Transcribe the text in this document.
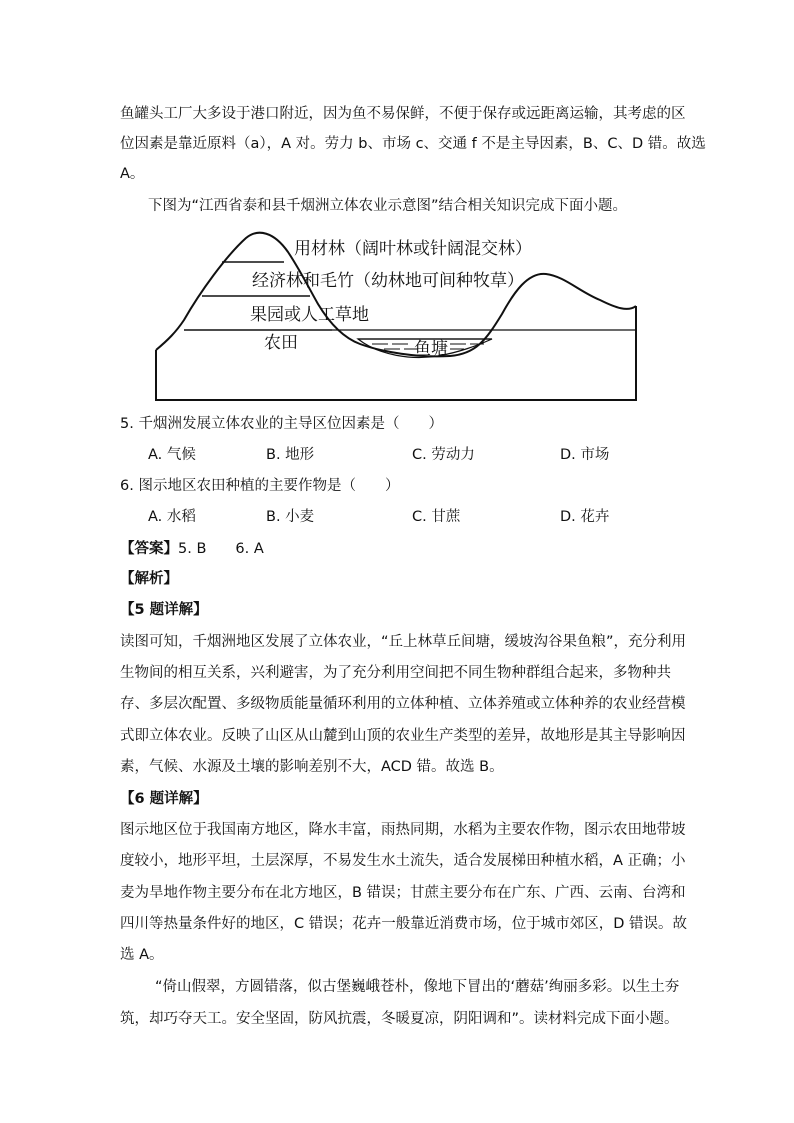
鱼罐头工厂大多设于港口附近，因为鱼不易保鲜，不便于保存或远距离运输，其考虑的区
位因素是靠近原料（a），A 对。劳力 b、市场 c、交通 f 不是主导因素，B、C、D 错。故选
A。
下图为“江西省泰和县千烟洲立体农业示意图”结合相关知识完成下面小题。
用材林（阔叶林或针阔混交林）
经济林和毛竹（幼林地可间种牧草）
果园或人工草地
农田	鱼塘
5. 千烟洲发展立体农业的主导区位因素是（　　）
A. 气候	B. 地形	C. 劳动力	D. 市场
6. 图示地区农田种植的主要作物是（　　）
A. 水稻	B. 小麦	C. 甘蔗	D. 花卉
【答案】5. B　　6. A
【解析】
【5 题详解】
读图可知，千烟洲地区发展了立体农业，“丘上林草丘间塘，缓坡沟谷果鱼粮”，充分利用
生物间的相互关系，兴利避害，为了充分利用空间把不同生物种群组合起来，多物种共
存、多层次配置、多级物质能量循环利用的立体种植、立体养殖或立体种养的农业经营模
式即立体农业。反映了山区从山麓到山顶的农业生产类型的差异，故地形是其主导影响因
素，气候、水源及土壤的影响差别不大，ACD 错。故选 B。
【6 题详解】
图示地区位于我国南方地区，降水丰富，雨热同期，水稻为主要农作物，图示农田地带坡
度较小，地形平坦，土层深厚，不易发生水土流失，适合发展梯田种植水稻，A 正确；小
麦为旱地作物主要分布在北方地区，B 错误；甘蔗主要分布在广东、广西、云南、台湾和
四川等热量条件好的地区，C 错误；花卉一般靠近消费市场，位于城市郊区，D 错误。故
选 A。
“倚山假翠，方圆错落，似古堡巍峨苍朴，像地下冒出的‘蘑菇’绚丽多彩。以生土夯
筑，却巧夺天工。安全坚固，防风抗震，冬暖夏凉，阴阳调和”。读材料完成下面小题。
